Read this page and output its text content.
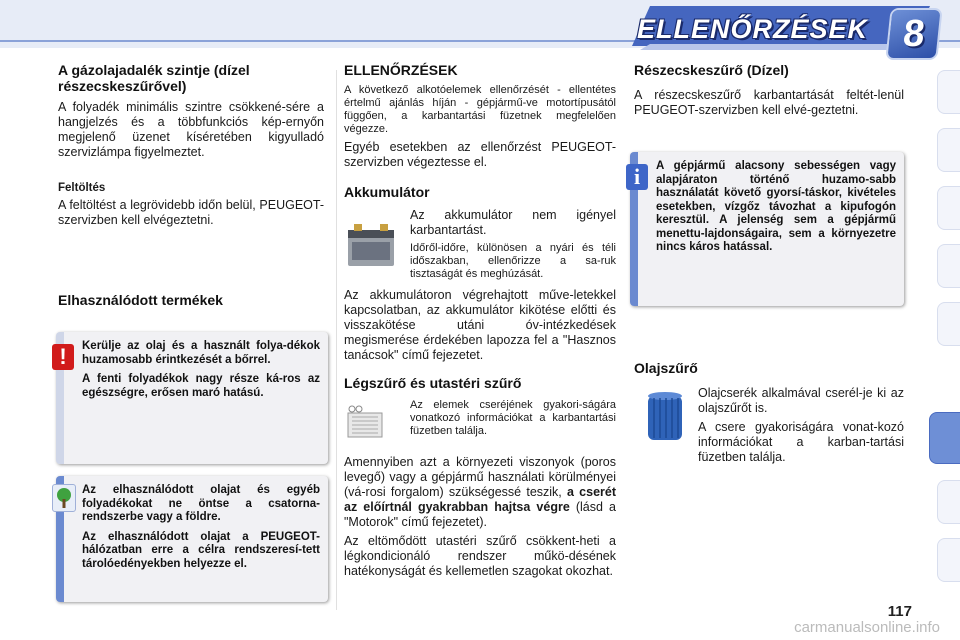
ELLENŐRZÉSEK 8
A gázolajadalék szintje (dízel részecskeszűrővel)

A folyadék minimális szintre csökkené-sére a hangjelzés és a többfunkciós kép-ernyőn megjelenő üzenet kíséretében kigyulladó szervizlámpa figyelmeztet.

Feltöltés

A feltöltést a legrövidebb időn belül, PEUGEOT-szervizben kell elvégeztetni.

Elhasználódott termékek
!	Kerülje az olaj és a használt folya-dékok huzamosabb érintkezését a bőrrel.

A fenti folyadékok nagy része ká-ros az egészségre, erősen maró hatású.

Az elhasználódott olajat és egyéb folyadékokat ne öntse a csatorna-rendszerbe vagy a földre.

Az elhasználódott olajat a PEUGEOT-hálózatban erre a célra rendszeresí-tett tárolóedényekben helyezze el.

ELLENŐRZÉSEK

A következő alkotóelemek ellenőrzését - ellentétes értelmű ajánlás híján - gépjármű-ve motortípusától függően, a karbantartási füzetnek megfelelően végezze.

Egyéb esetekben az ellenőrzést PEUGEOT-szervizben végeztesse el.

Akkumulátor

Az akkumulátor nem igényel karbantartást.

Időről-időre, különösen a nyári és téli időszakban, ellenőrizze a sa-ruk tisztaságát és meghúzását.

Az akkumulátoron végrehajtott műve-letekkel kapcsolatban, az akkumulátor kikötése előtti és visszakötése utáni óv-intézkedések megismerése érdekében lapozza fel a "Hasznos tanácsok" című fejezetet.

Légszűrő és utastéri szűrő

Az elemek cseréjének gyakori-ságára vonatkozó információkat a karbantartási füzetben találja.

Amennyiben azt a környezeti viszonyok (poros levegő) vagy a gépjármű használati körülményei (vá-rosi forgalom) szükségessé teszik, a cserét az előírtnál gyakrabban hajtsa végre (lásd a "Motorok" című fejezetet).

Az eltömődött utastéri szűrő csökkent-heti a légkondicionáló rendszer műkö-désének hatékonyságát és kellemetlen szagokat okozhat.

Részecskeszűrő (Dízel)

A részecskeszűrő karbantartását feltét-lenül PEUGEOT-szervizben kell elvé-geztetni.

i	A gépjármű alacsony sebességen vagy alapjáraton történő huzamo-sabb használatát követő gyorsí-táskor, kivételes esetekben, vízgőz távozhat a kipufogón keresztül. A jelenség sem a gépjármű menettu-lajdonságaira, sem a környezetre nincs káros hatással.

Olajszűrő

Olajcserék alkalmával cserél-je ki az olajszűrőt is.

A csere gyakoriságára vonat-kozó információkat a karban-tartási füzetben találja.

carmanualsonline.info
117
